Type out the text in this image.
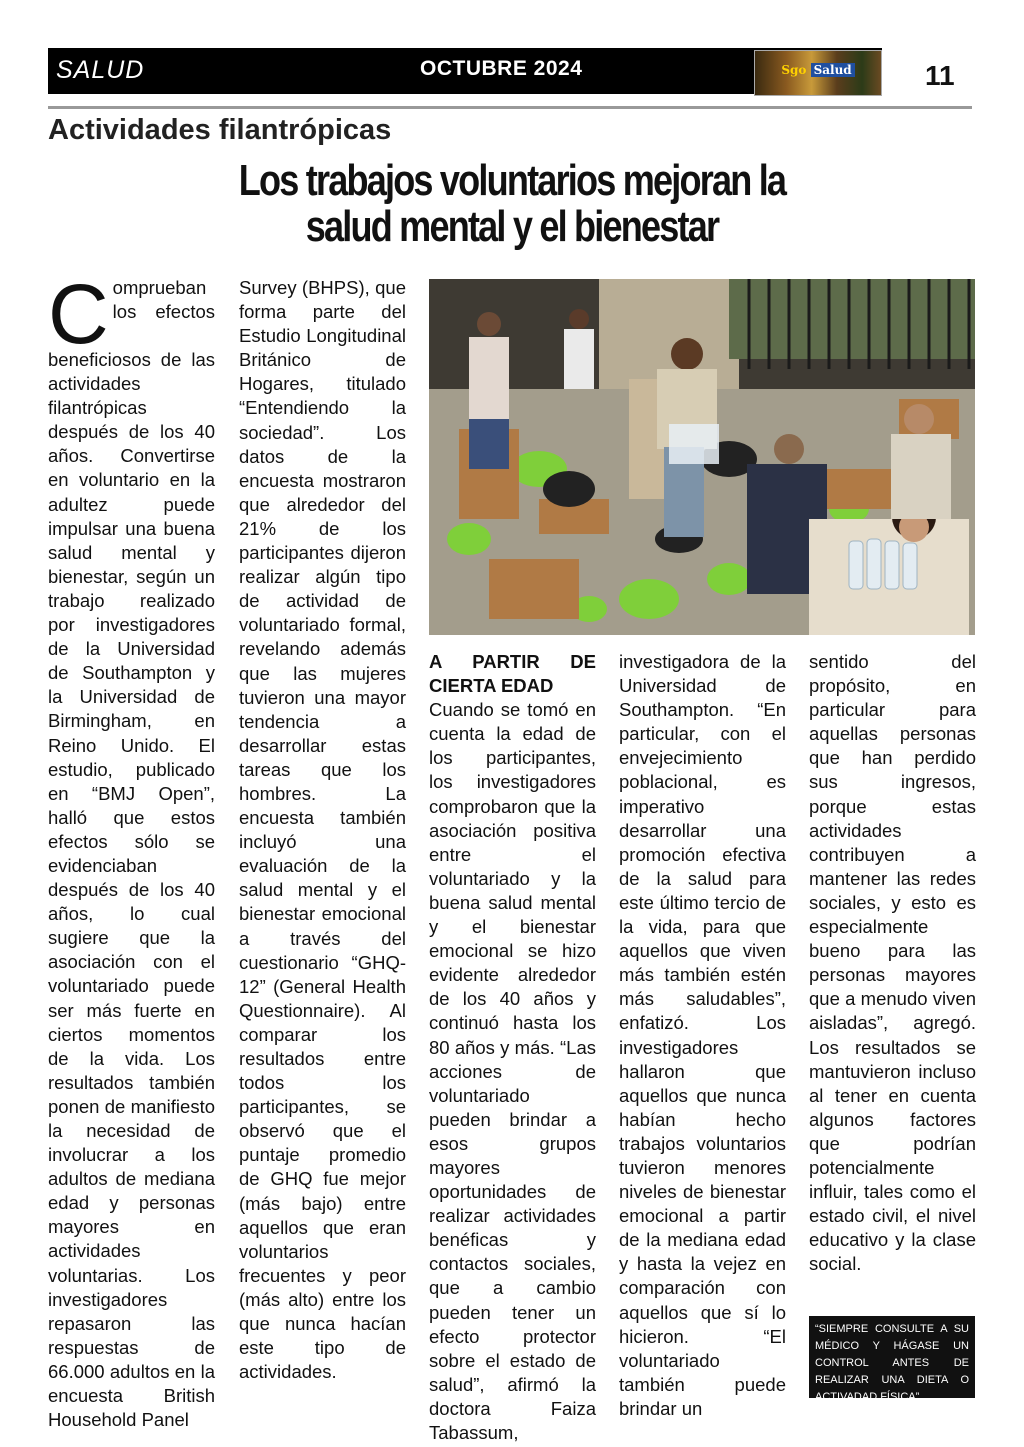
SALUD	OCTUBRE 2024	Sgo Salud	11
Actividades filantrópicas
Los trabajos voluntarios mejoran la
salud mental y el bienestar
C omprueban los efectos beneficiosos de las actividades filantrópicas después de los 40 años. Convertirse en voluntario en la adultez puede impulsar una buena salud mental y bienestar, según un trabajo realizado por investigadores de la Universidad de Southampton y la Universidad de Birmingham, en Reino Unido. El estudio, publicado en “BMJ Open”, halló que estos efectos sólo se evidenciaban después de los 40 años, lo cual sugiere que la asociación con el voluntariado puede ser más fuerte en ciertos momentos de la vida. Los resultados también ponen de manifiesto la necesidad de involucrar a los adultos de mediana edad y personas mayores en actividades voluntarias. Los investigadores repasaron las respuestas de 66.000 adultos en la encuesta British Household Panel
Survey (BHPS), que forma parte del Estudio Longitudinal Británico de Hogares, titulado “Entendiendo la sociedad”. Los datos de la encuesta mostraron que alrededor del 21% de los participantes dijeron realizar algún tipo de actividad de voluntariado formal, revelando además que las mujeres tuvieron una mayor tendencia a desarrollar estas tareas que los hombres. La encuesta también incluyó una evaluación de la salud mental y el bienestar emocional a través del cuestionario “GHQ-12” (General Health Questionnaire). Al comparar los resultados entre todos los participantes, se observó que el puntaje promedio de GHQ fue mejor (más bajo) entre aquellos que eran voluntarios frecuentes y peor (más alto) entre los que nunca hacían este tipo de actividades.
A PARTIR DE CIERTA EDAD
Cuando se tomó en cuenta la edad de los participantes, los investigadores comprobaron que la asociación positiva entre el voluntariado y la buena salud mental y el bienestar emocional se hizo evidente alrededor de los 40 años y continuó hasta los 80 años y más. “Las acciones de voluntariado pueden brindar a esos grupos mayores oportunidades de realizar actividades benéficas y contactos sociales, que a cambio pueden tener un efecto protector sobre el estado de salud”, afirmó la doctora Faiza Tabassum,
investigadora de la Universidad de Southampton. “En particular, con el envejecimiento poblacional, es imperativo desarrollar una promoción efectiva de la salud para este último tercio de la vida, para que aquellos que viven más también estén más saludables”, enfatizó. Los investigadores hallaron que aquellos que nunca habían hecho trabajos voluntarios tuvieron menores niveles de bienestar emocional a partir de la mediana edad y hasta la vejez en comparación con aquellos que sí lo hicieron. “El voluntariado también puede brindar un
sentido del propósito, en particular para aquellas personas que han perdido sus ingresos, porque estas actividades contribuyen a mantener las redes sociales, y esto es especialmente bueno para las personas mayores que a menudo viven aisladas”, agregó. Los resultados se mantuvieron incluso al tener en cuenta algunos factores que podrían potencialmente influir, tales como el estado civil, el nivel educativo y la clase social.
“SIEMPRE CONSULTE A SU MÉDICO Y HÁGASE UN CONTROL ANTES DE REALIZAR UNA DIETA O ACTIVADAD FÍSICA”
